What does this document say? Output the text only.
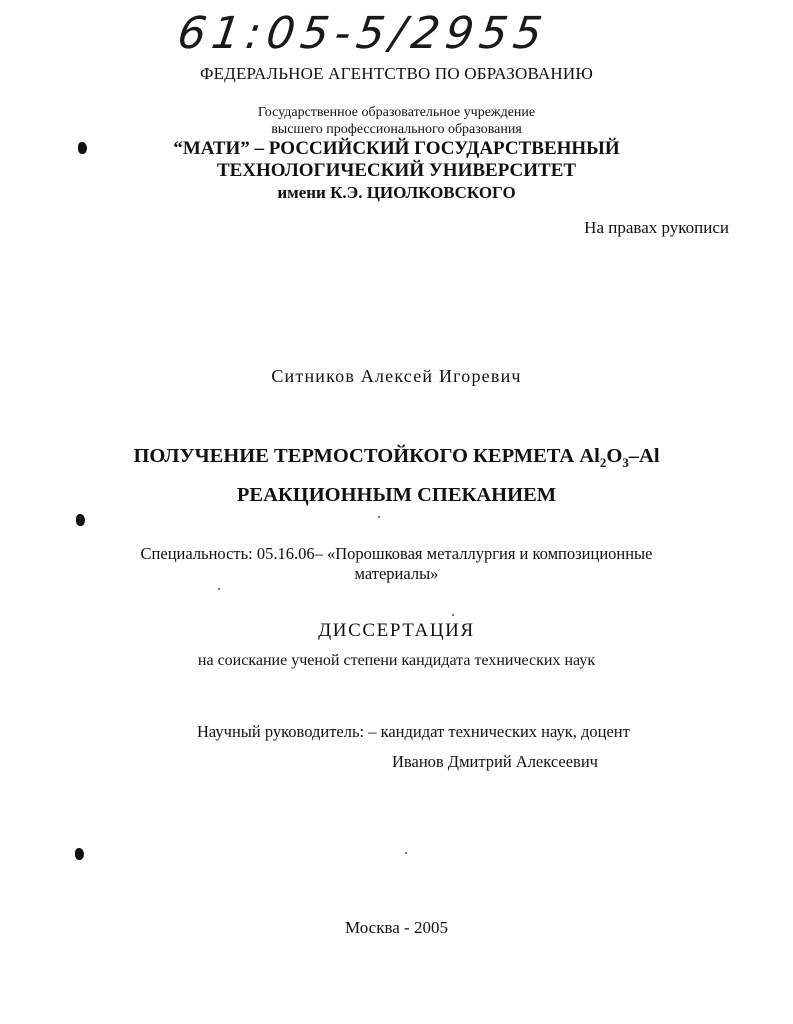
61:05-5/2955
ФЕДЕРАЛЬНОЕ АГЕНТСТВО ПО ОБРАЗОВАНИЮ
Государственное образовательное учреждение
высшего профессионального образования
“МАТИ” – РОССИЙСКИЙ ГОСУДАРСТВЕННЫЙ
ТЕХНОЛОГИЧЕСКИЙ УНИВЕРСИТЕТ
имени К.Э. ЦИОЛКОВСКОГО
На правах рукописи
Ситников Алексей Игоревич
ПОЛУЧЕНИЕ ТЕРМОСТОЙКОГО КЕРМЕТА $Al_2O_3-Al$
РЕАКЦИОННЫМ СПЕКАНИЕМ
Специальность: 05.16.06– «Порошковая металлургия и композиционные
материалы»
ДИССЕРТАЦИЯ
на соискание ученой степени кандидата технических наук
Научный руководитель: – кандидат технических наук, доцент
Иванов Дмитрий Алексеевич
Москва - 2005
